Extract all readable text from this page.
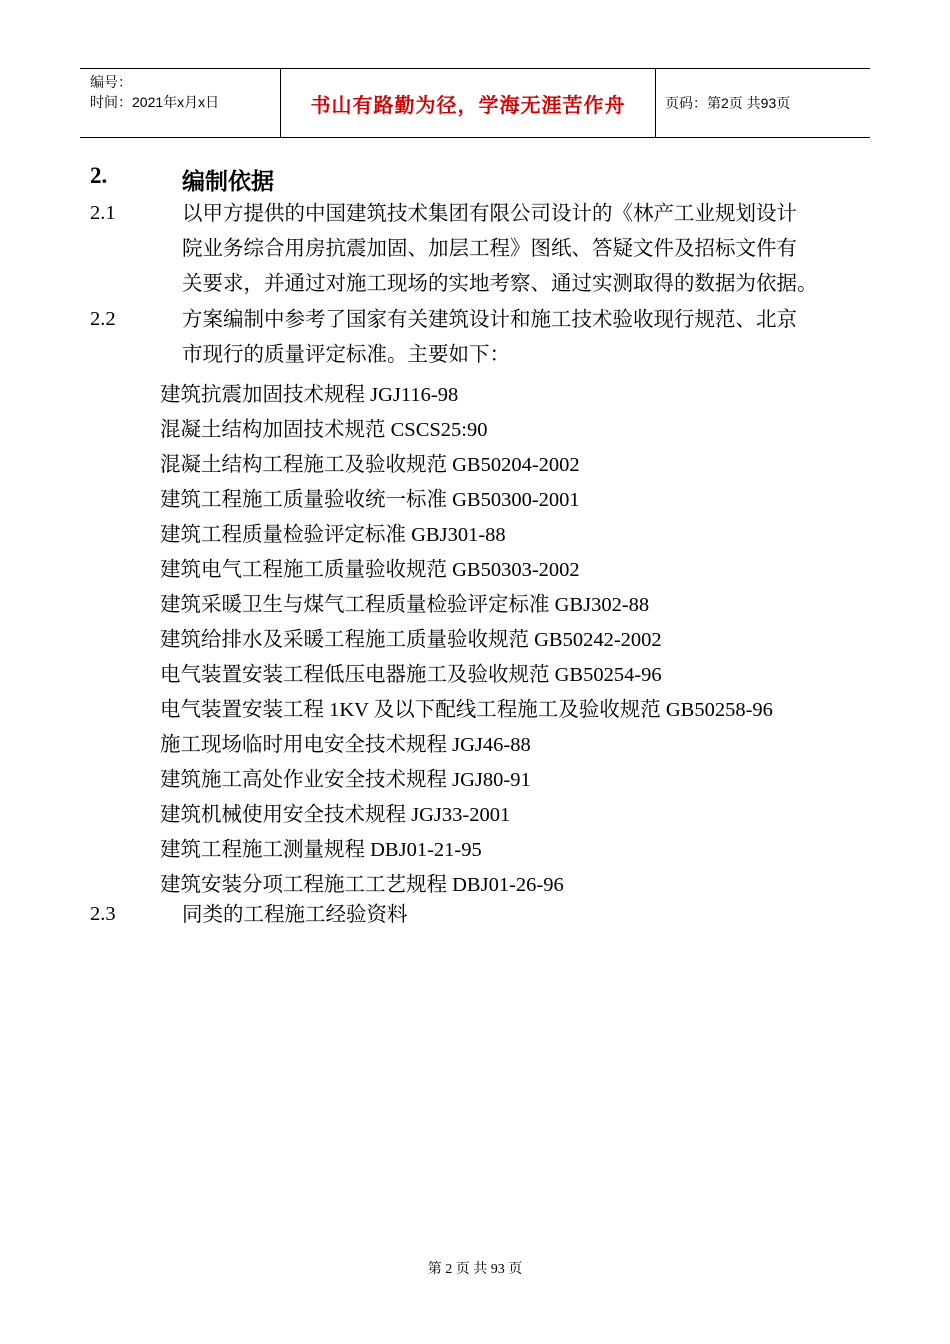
编号：
时间：2021年x月x日	书山有路勤为径，学海无涯苦作舟	页码：第2页 共93页
2.	编制依据
2.1	以甲方提供的中国建筑技术集团有限公司设计的《林产工业规划设计
院业务综合用房抗震加固、加层工程》图纸、答疑文件及招标文件有
关要求，并通过对施工现场的实地考察、通过实测取得的数据为依据。
2.2	方案编制中参考了国家有关建筑设计和施工技术验收现行规范、北京
市现行的质量评定标准。主要如下：
建筑抗震加固技术规程 JGJ116-98
混凝土结构加固技术规范 CSCS25:90
混凝土结构工程施工及验收规范 GB50204-2002
建筑工程施工质量验收统一标准 GB50300-2001
建筑工程质量检验评定标准 GBJ301-88
建筑电气工程施工质量验收规范 GB50303-2002
建筑采暖卫生与煤气工程质量检验评定标准 GBJ302-88
建筑给排水及采暖工程施工质量验收规范 GB50242-2002
电气装置安装工程低压电器施工及验收规范 GB50254-96
电气装置安装工程 1KV 及以下配线工程施工及验收规范 GB50258-96
施工现场临时用电安全技术规程 JGJ46-88
建筑施工高处作业安全技术规程 JGJ80-91
建筑机械使用安全技术规程 JGJ33-2001
建筑工程施工测量规程 DBJ01-21-95
建筑安装分项工程施工工艺规程 DBJ01-26-96
2.3	同类的工程施工经验资料
第 2 页 共 93 页
